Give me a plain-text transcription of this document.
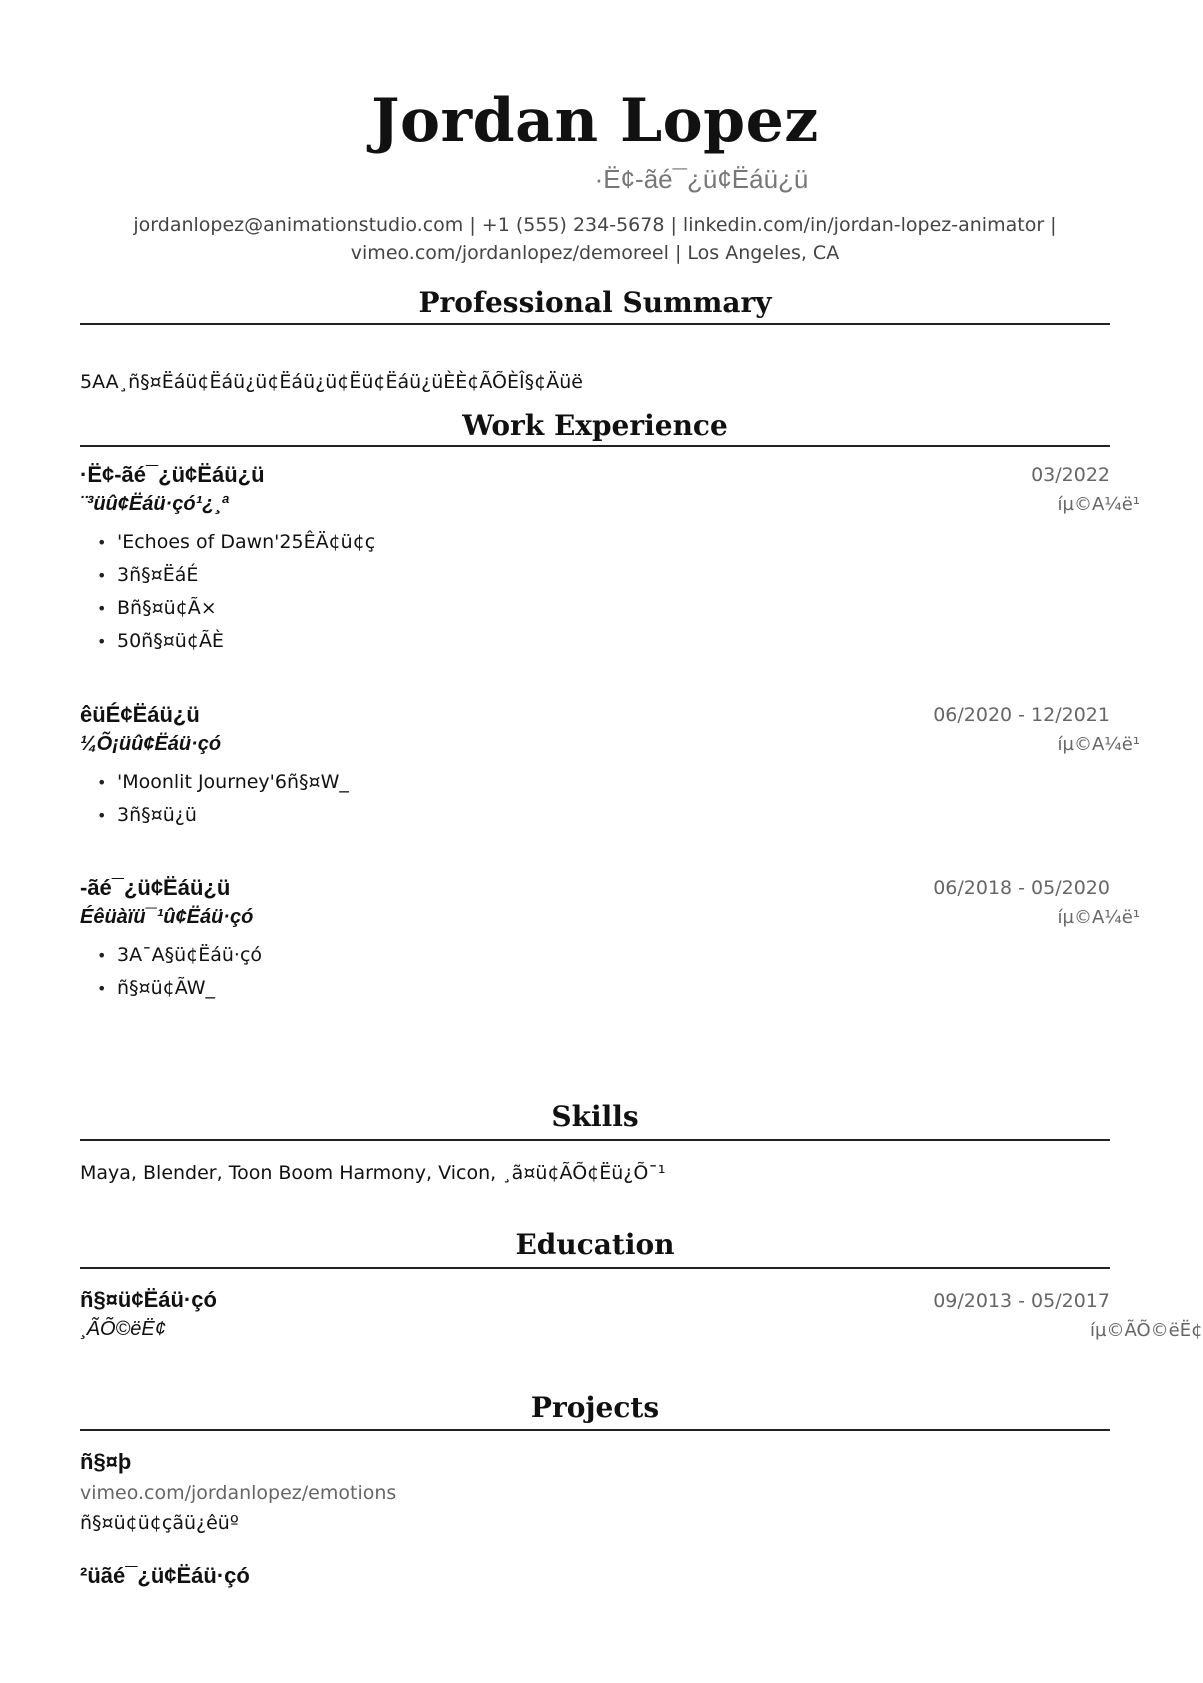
Jordan Lopez
·Ë¢-ãé¯¿ü¢Ëáü¿ü
jordanlopez@animationstudio.com | +1 (555) 234-5678 | linkedin.com/in/jordan-lopez-animator |
vimeo.com/jordanlopez/demoreel | Los Angeles, CA
Professional Summary
5AA¸ñ§¤Ëáü¢Ëáü¿ü¢Ëáü¿ü¢Ëü¢Ëáü¿üÈÈ¢ÃÕÈÎ§¢Äüë
Work Experience
·Ë¢-ãé¯¿ü¢Ëáü¿ü	03/2022
¨³üû¢Ëáü·çó¹¿¸ª	íµ©A¼ë¹
• 'Echoes of Dawn'25ÊÄ¢ü¢ç
• 3ñ§¤ËáÉ
• Bñ§¤ü¢Ã×
• 50ñ§¤ü¢ÃÈ
êüÉ¢Ëáü¿ü	06/2020 - 12/2021
¼Õ¡üû¢Ëáü·çó	íµ©A¼ë¹
• 'Moonlit Journey'6ñ§¤W_
• 3ñ§¤ü¿ü
-ãé¯¿ü¢Ëáü¿ü	06/2018 - 05/2020
Éêüàïü¯¹û¢Ëáü·çó	íµ©A¼ë¹
• 3A¯A§ü¢Ëáü·çó
• ñ§¤ü¢ÃW_
Skills
Maya, Blender, Toon Boom Harmony, Vicon, ¸ã¤ü¢ÃÕ¢Ëü¿Õ¯¹
Education
ñ§¤ü¢Ëáü·çó	09/2013 - 05/2017
¸ÃÕ©ëË¢	íµ©ÃÕ©ëË¢
Projects
ñ§¤þ
vimeo.com/jordanlopez/emotions
ñ§¤ü¢ü¢çãü¿êüº
²üãé¯¿ü¢Ëáü·çó
